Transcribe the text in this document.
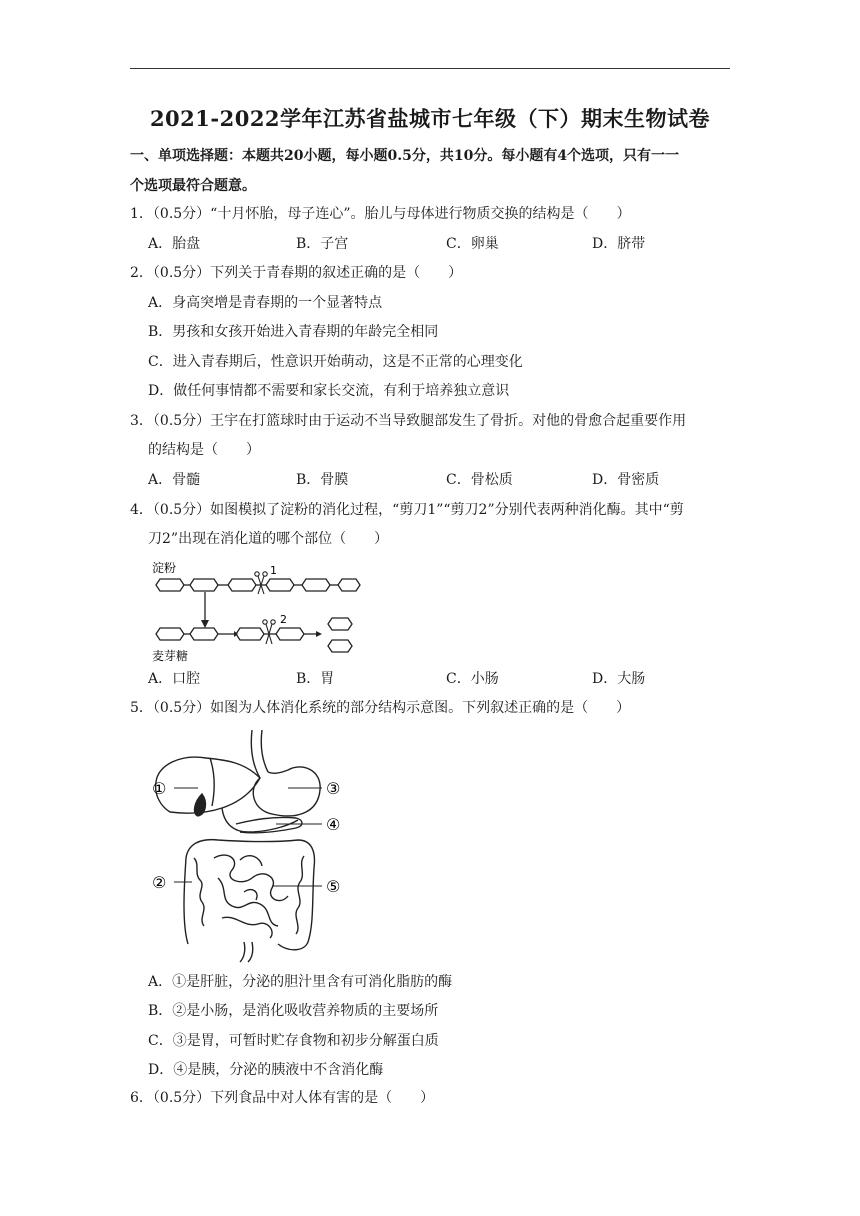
2021-2022学年江苏省盐城市七年级（下）期末生物试卷
一、单项选择题：本题共20小题，每小题0.5分，共10分。每小题有4个选项，只有一一
个选项最符合题意。
1．（0.5分）“十月怀胎，母子连心”。胎儿与母体进行物质交换的结构是（　　）
A．胎盘	B．子宫	C．卵巢	D．脐带
2．（0.5分）下列关于青春期的叙述正确的是（　　）
A．身高突增是青春期的一个显著特点
B．男孩和女孩开始进入青春期的年龄完全相同
C．进入青春期后，性意识开始萌动，这是不正常的心理变化
D．做任何事情都不需要和家长交流，有利于培养独立意识
3．（0.5分）王宇在打篮球时由于运动不当导致腿部发生了骨折。对他的骨愈合起重要作用
的结构是（　　）
A．骨髓	B．骨膜	C．骨松质	D．骨密质
4．（0.5分）如图模拟了淀粉的消化过程，“剪刀1”“剪刀2”分别代表两种消化酶。其中“剪
刀2”出现在消化道的哪个部位（　　）
淀粉	1
2
麦芽糖
A．口腔	B．胃	C．小肠	D．大肠
5．（0.5分）如图为人体消化系统的部分结构示意图。下列叙述正确的是（　　）
①
②
③
④
⑤
A．①是肝脏，分泌的胆汁里含有可消化脂肪的酶
B．②是小肠，是消化吸收营养物质的主要场所
C．③是胃，可暂时贮存食物和初步分解蛋白质
D．④是胰，分泌的胰液中不含消化酶
6．（0.5分）下列食品中对人体有害的是（　　）
